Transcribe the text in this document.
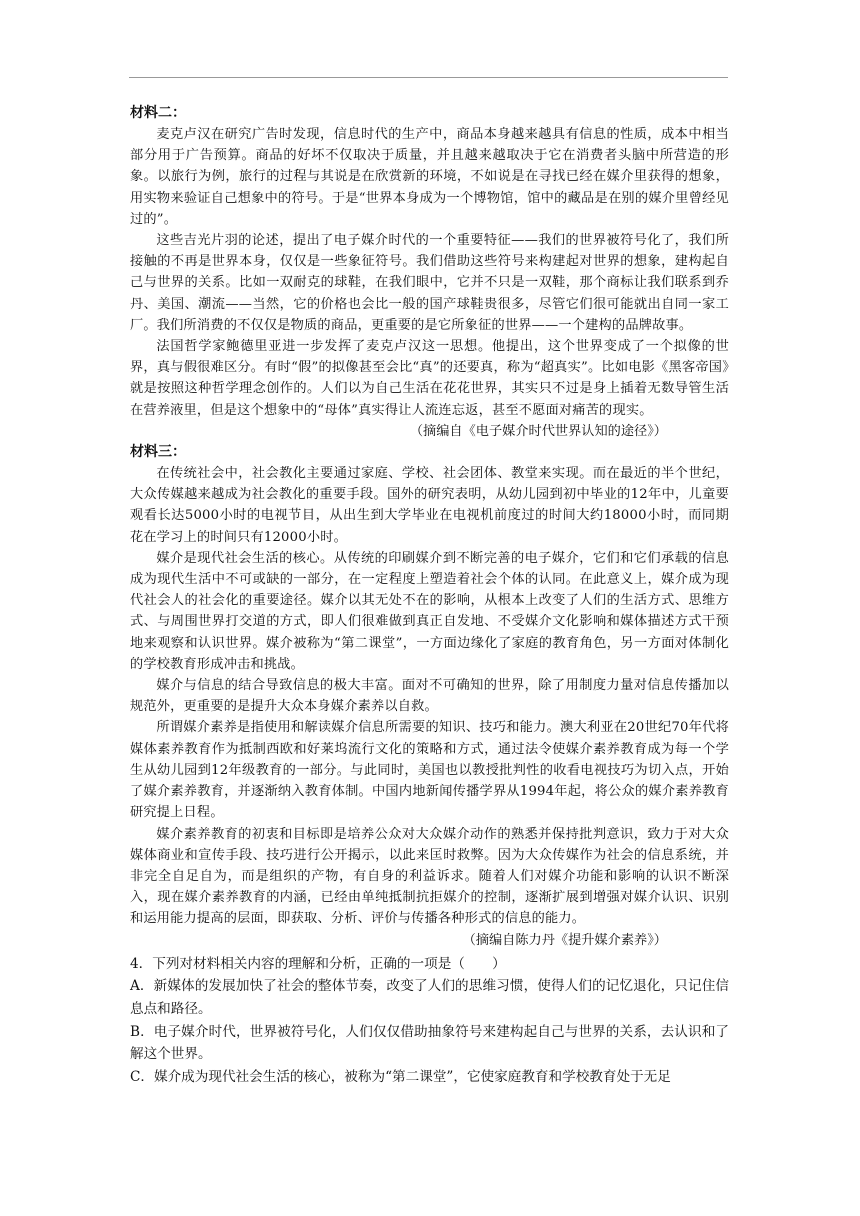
材料二：

麦克卢汉在研究广告时发现，信息时代的生产中，商品本身越来越具有信息的性质，成本中相当部分用于广告预算。商品的好坏不仅取决于质量，并且越来越取决于它在消费者头脑中所营造的形象。以旅行为例，旅行的过程与其说是在欣赏新的环境，不如说是在寻找已经在媒介里获得的想象，用实物来验证自己想象中的符号。于是“世界本身成为一个博物馆，馆中的藏品是在别的媒介里曾经见过的”。

这些吉光片羽的论述，提出了电子媒介时代的一个重要特征——我们的世界被符号化了，我们所接触的不再是世界本身，仅仅是一些象征符号。我们借助这些符号来构建起对世界的想象，建构起自己与世界的关系。比如一双耐克的球鞋，在我们眼中，它并不只是一双鞋，那个商标让我们联系到乔丹、美国、潮流——当然，它的价格也会比一般的国产球鞋贵很多，尽管它们很可能就出自同一家工厂。我们所消费的不仅仅是物质的商品，更重要的是它所象征的世界——一个建构的品牌故事。

法国哲学家鲍德里亚进一步发挥了麦克卢汉这一思想。他提出，这个世界变成了一个拟像的世界，真与假很难区分。有时“假”的拟像甚至会比“真”的还要真，称为“超真实”。比如电影《黑客帝国》就是按照这种哲学理念创作的。人们以为自己生活在花花世界，其实只不过是身上插着无数导管生活在营养液里，但是这个想象中的“母体”真实得让人流连忘返，甚至不愿面对痛苦的现实。

（摘编自《电子媒介时代世界认知的途径》）

材料三：

在传统社会中，社会教化主要通过家庭、学校、社会团体、教堂来实现。而在最近的半个世纪，大众传媒越来越成为社会教化的重要手段。国外的研究表明，从幼儿园到初中毕业的12年中，儿童要观看长达5000小时的电视节目，从出生到大学毕业在电视机前度过的时间大约18000小时，而同期花在学习上的时间只有12000小时。

媒介是现代社会生活的核心。从传统的印刷媒介到不断完善的电子媒介，它们和它们承载的信息成为现代生活中不可或缺的一部分，在一定程度上塑造着社会个体的认同。在此意义上，媒介成为现代社会人的社会化的重要途径。媒介以其无处不在的影响，从根本上改变了人们的生活方式、思维方式、与周围世界打交道的方式，即人们很难做到真正自发地、不受媒介文化影响和媒体描述方式干预地来观察和认识世界。媒介被称为“第二课堂”，一方面边缘化了家庭的教育角色，另一方面对体制化的学校教育形成冲击和挑战。

媒介与信息的结合导致信息的极大丰富。面对不可确知的世界，除了用制度力量对信息传播加以规范外，更重要的是提升大众本身媒介素养以自救。

所谓媒介素养是指使用和解读媒介信息所需要的知识、技巧和能力。澳大利亚在20世纪70年代将媒体素养教育作为抵制西欧和好莱坞流行文化的策略和方式，通过法令使媒介素养教育成为每一个学生从幼儿园到12年级教育的一部分。与此同时，美国也以教授批判性的收看电视技巧为切入点，开始了媒介素养教育，并逐渐纳入教育体制。中国内地新闻传播学界从1994年起，将公众的媒介素养教育研究提上日程。

媒介素养教育的初衷和目标即是培养公众对大众媒介动作的熟悉并保持批判意识，致力于对大众媒体商业和宣传手段、技巧进行公开揭示，以此来匡时救弊。因为大众传媒作为社会的信息系统，并非完全自足自为，而是组织的产物，有自身的利益诉求。随着人们对媒介功能和影响的认识不断深入，现在媒介素养教育的内涵，已经由单纯抵制抗拒媒介的控制，逐渐扩展到增强对媒介认识、识别和运用能力提高的层面，即获取、分析、评价与传播各种形式的信息的能力。

（摘编自陈力丹《提升媒介素养》）

4．下列对材料相关内容的理解和分析，正确的一项是（　　）

A．新媒体的发展加快了社会的整体节奏，改变了人们的思维习惯，使得人们的记忆退化，只记住信息点和路径。

B．电子媒介时代，世界被符号化，人们仅仅借助抽象符号来建构起自己与世界的关系，去认识和了解这个世界。

C．媒介成为现代社会生活的核心，被称为“第二课堂”，它使家庭教育和学校教育处于无足
